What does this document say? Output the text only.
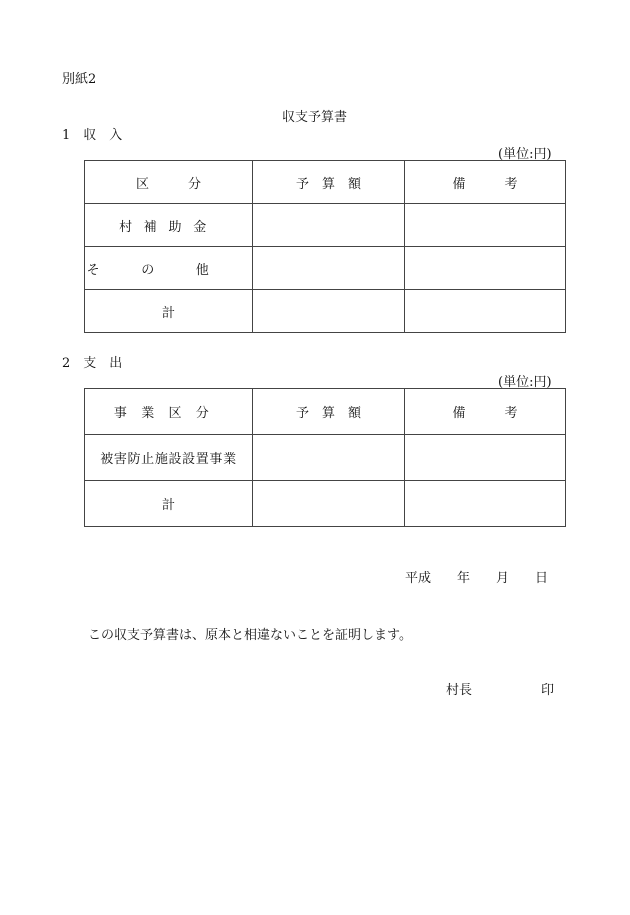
別紙2
収支予算書
1　収　入
(単位:円)
区　　　分	予　算　額	備　　　考
村補助金		
その他		
計		
2　支　出
(単位:円)
事業区分	予　算　額	備　　　考
被害防止施設設置事業		
計		
平成　　年　　月　　日
この収支予算書は、原本と相違ないことを証明します。
村長	印
